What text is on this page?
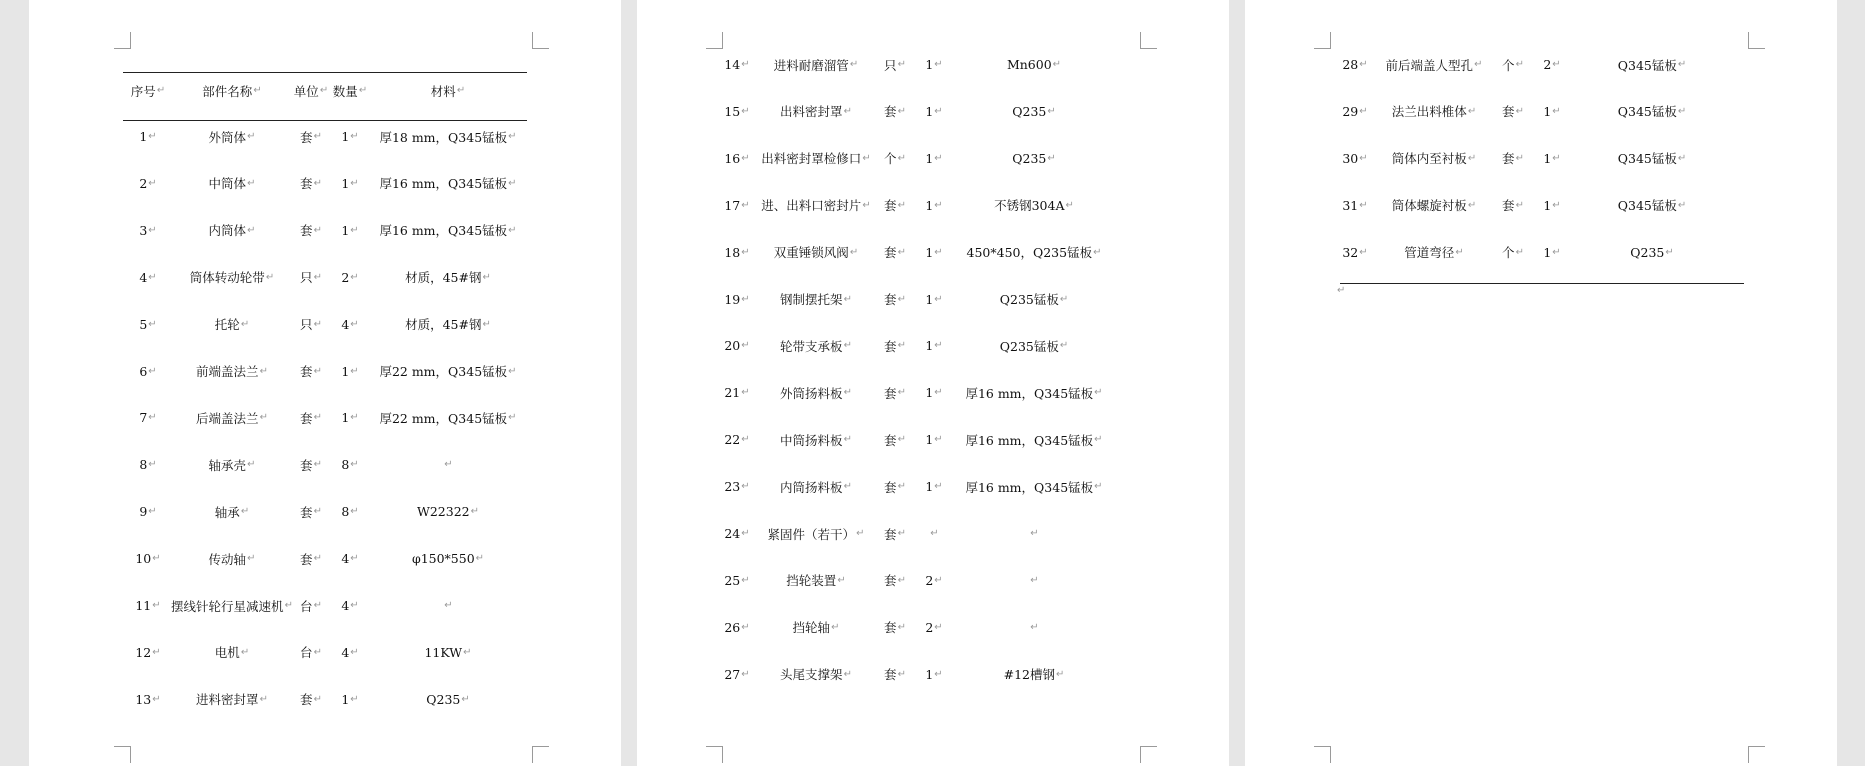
序号 ↵	部件名称 ↵	单位 ↵ 数量 ↵	材料 ↵
1 ↵	外筒体 ↵	套 ↵ 1 ↵ 厚18 mm，Q345锰板 ↵
2 ↵	中筒体 ↵	套 ↵ 1 ↵ 厚16 mm，Q345锰板 ↵
3 ↵	内筒体 ↵	套 ↵ 1 ↵ 厚16 mm，Q345锰板 ↵
4 ↵	筒体转动轮带 ↵ 只 ↵ 2 ↵	材质，45#钢 ↵
5 ↵	托轮 ↵	只 ↵ 4 ↵	材质，45#钢 ↵
6 ↵	前端盖法兰 ↵	套 ↵ 1 ↵ 厚22 mm，Q345锰板 ↵
7 ↵	后端盖法兰 ↵	套 ↵ 1 ↵ 厚22 mm，Q345锰板 ↵
8 ↵	轴承壳 ↵	套 ↵ 8 ↵	↵
9 ↵	轴承 ↵	套 ↵ 8 ↵	W22322 ↵
10 ↵	传动轴 ↵	套 ↵ 4 ↵	φ150*550 ↵
11 ↵ 摆线针轮行星减速机 ↵ 台 ↵ 4 ↵	↵
12 ↵	电机 ↵	台 ↵ 4 ↵	11KW ↵
13 ↵	进料密封罩 ↵	套 ↵ 1 ↵	Q235 ↵
14 ↵ 进料耐磨溜管 ↵ 只 ↵ 1 ↵	Mn600 ↵
15 ↵ 出料密封罩 ↵	套 ↵ 1 ↵	Q235 ↵
16 ↵ 出料密封罩检修口 ↵ 个 ↵ 1 ↵	Q235 ↵
17 ↵ 进、出料口密封片 ↵ 套 ↵ 1 ↵	不锈钢304A ↵
18 ↵ 双重锤锁风阀 ↵ 套 ↵ 1 ↵ 450*450，Q235锰板 ↵
19 ↵ 钢制摆托架 ↵	套 ↵ 1 ↵	Q235锰板 ↵
20 ↵ 轮带支承板 ↵	套 ↵ 1 ↵	Q235锰板 ↵
21 ↵ 外筒扬料板 ↵	套 ↵ 1 ↵ 厚16 mm，Q345锰板 ↵
22 ↵ 中筒扬料板 ↵	套 ↵ 1 ↵ 厚16 mm，Q345锰板 ↵
23 ↵ 内筒扬料板 ↵	套 ↵ 1 ↵ 厚16 mm，Q345锰板 ↵
24 ↵ 紧固件（若干） ↵ 套 ↵ ↵	↵
25 ↵	挡轮装置 ↵	套 ↵ 2 ↵	↵
26 ↵	挡轮轴 ↵	套 ↵ 2 ↵	↵
27 ↵ 头尾支撑架 ↵	套 ↵ 1 ↵	#12槽钢 ↵
28 ↵ 前后端盖人型孔 ↵ 个 ↵ 2 ↵	Q345锰板 ↵
29 ↵ 法兰出料椎体 ↵ 套 ↵ 1 ↵	Q345锰板 ↵
30 ↵ 筒体内至衬板 ↵ 套 ↵ 1 ↵	Q345锰板 ↵
31 ↵ 筒体螺旋衬板 ↵ 套 ↵ 1 ↵	Q345锰板 ↵
32 ↵	管道弯径 ↵	个 ↵ 1 ↵	Q235 ↵
↵
